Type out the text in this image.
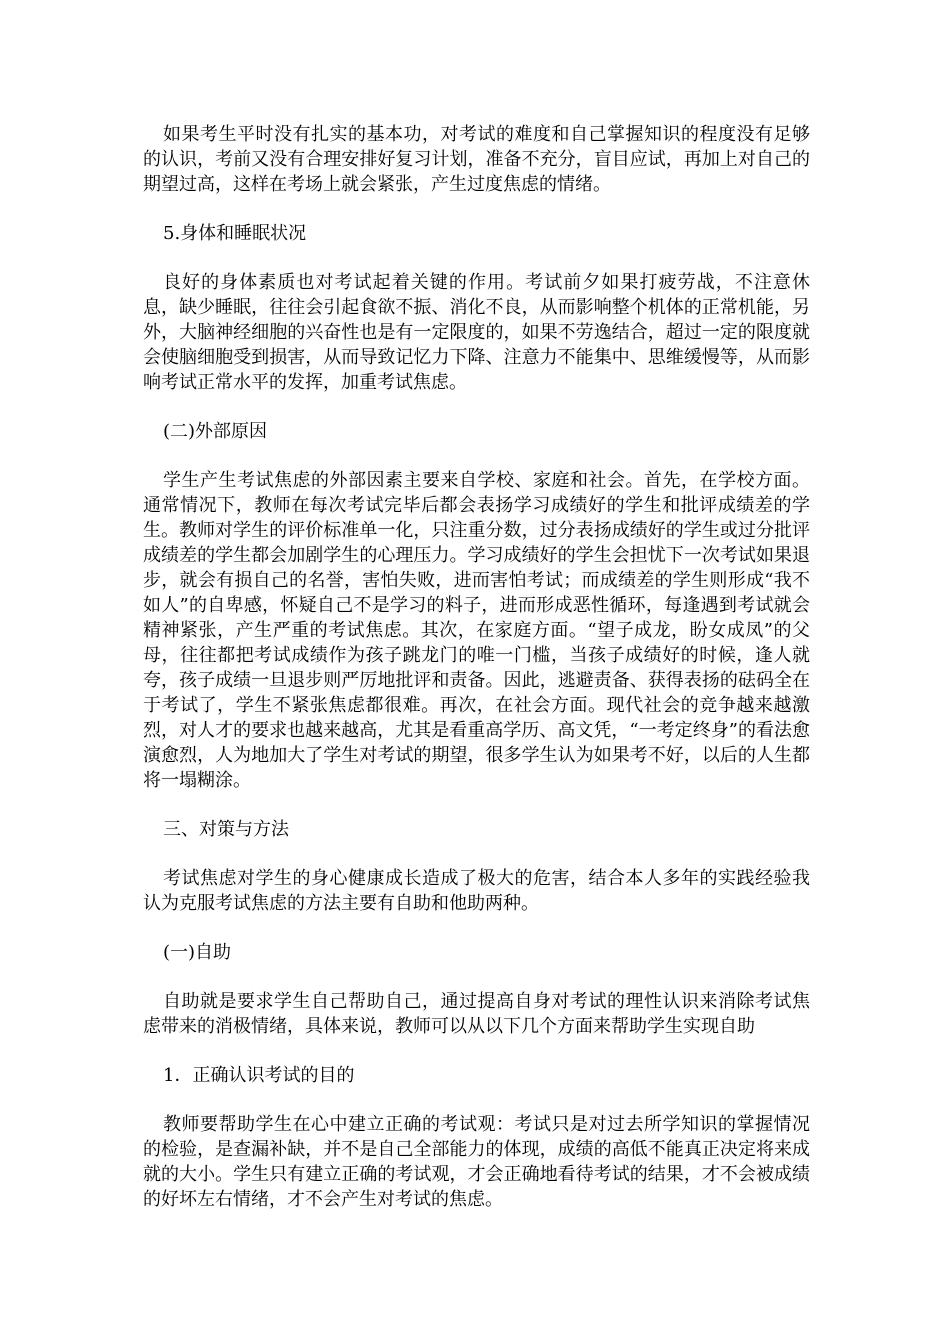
如果考生平时没有扎实的基本功，对考试的难度和自己掌握知识的程度没有足够的认识，考前又没有合理安排好复习计划，准备不充分，盲目应试，再加上对自己的期望过高，这样在考场上就会紧张，产生过度焦虑的情绪。

5.身体和睡眠状况

良好的身体素质也对考试起着关键的作用。考试前夕如果打疲劳战，不注意休息，缺少睡眠，往往会引起食欲不振、消化不良，从而影响整个机体的正常机能，另外，大脑神经细胞的兴奋性也是有一定限度的，如果不劳逸结合，超过一定的限度就会使脑细胞受到损害，从而导致记忆力下降、注意力不能集中、思维缓慢等，从而影响考试正常水平的发挥，加重考试焦虑。

(二)外部原因

学生产生考试焦虑的外部因素主要来自学校、家庭和社会。首先，在学校方面。通常情况下，教师在每次考试完毕后都会表扬学习成绩好的学生和批评成绩差的学生。教师对学生的评价标准单一化，只注重分数，过分表扬成绩好的学生或过分批评成绩差的学生都会加剧学生的心理压力。学习成绩好的学生会担忧下一次考试如果退步，就会有损自己的名誉，害怕失败，进而害怕考试；而成绩差的学生则形成“我不如人”的自卑感，怀疑自己不是学习的料子，进而形成恶性循环，每逢遇到考试就会精神紧张，产生严重的考试焦虑。其次，在家庭方面。“望子成龙，盼女成凤”的父母，往往都把考试成绩作为孩子跳龙门的唯一门槛，当孩子成绩好的时候，逢人就夸，孩子成绩一旦退步则严厉地批评和责备。因此，逃避责备、获得表扬的砝码全在于考试了，学生不紧张焦虑都很难。再次，在社会方面。现代社会的竞争越来越激烈，对人才的要求也越来越高，尤其是看重高学历、高文凭，“一考定终身”的看法愈演愈烈，人为地加大了学生对考试的期望，很多学生认为如果考不好，以后的人生都将一塌糊涂。

三、对策与方法

考试焦虑对学生的身心健康成长造成了极大的危害，结合本人多年的实践经验我认为克服考试焦虑的方法主要有自助和他助两种。

(一)自助

自助就是要求学生自己帮助自己，通过提高自身对考试的理性认识来消除考试焦虑带来的消极情绪，具体来说，教师可以从以下几个方面来帮助学生实现自助

1．正确认识考试的目的

教师要帮助学生在心中建立正确的考试观：考试只是对过去所学知识的掌握情况的检验，是查漏补缺，并不是自己全部能力的体现，成绩的高低不能真正决定将来成就的大小。学生只有建立正确的考试观，才会正确地看待考试的结果，才不会被成绩的好坏左右情绪，才不会产生对考试的焦虑。
